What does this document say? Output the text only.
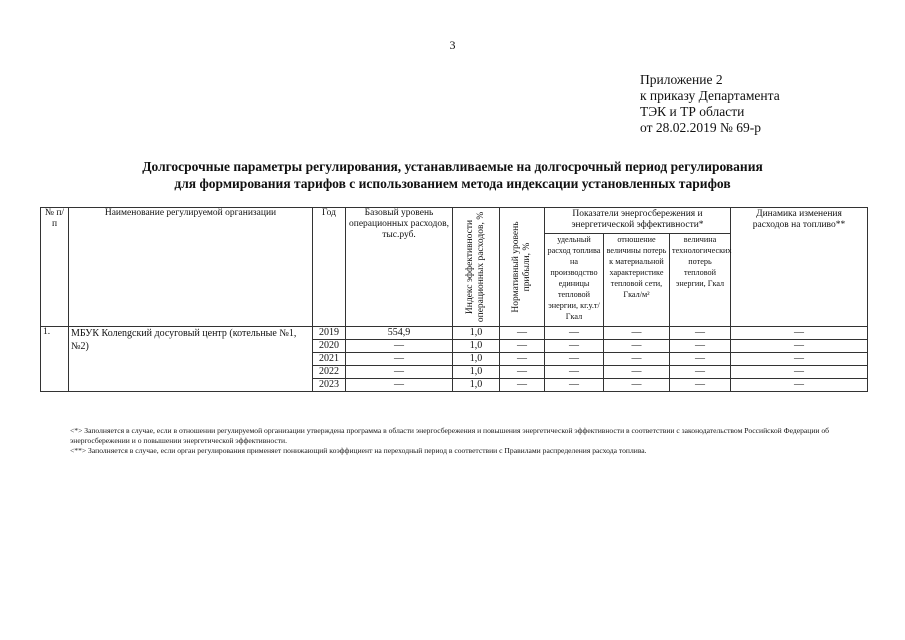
3
Приложение 2
к приказу Департамента
ТЭК и ТР области
от 28.02.2019 № 69-р
Долгосрочные параметры регулирования, устанавливаемые на долгосрочный период регулирования
для формирования тарифов с использованием метода индексации установленных тарифов
№ п/п	Наименование регулируемой организации	Год	Базовый уровень операционных расходов, тыс.руб.	Индекс эффективности операционных расходов, %	Нормативный уровень прибыли, %	Показатели энергосбережения и энергетической эффективности*			Динамика изменения расходов на топливо**
						удельный расход топлива на производство единицы тепловой энергии, кг.у.т/Гкал	отношение величины потерь к материальной характеристике тепловой сети, Гкал/м²	величина технологических потерь тепловой энергии, Гкал	
1.	МБУК Колengский досуговый центр (котельные №1, №2)	2019	554,9	1,0	—	—	—	—	—
		2020	—	1,0	—	—	—	—	—
		2021	—	1,0	—	—	—	—	—
		2022	—	1,0	—	—	—	—	—
		2023	—	1,0	—	—	—	—	—

<*> Заполняется в случае, если в отношении регулируемой организации утверждена программа в области энергосбережения и повышения энергетической эффективности в соответствии с законодательством Российской Федерации об энергосбережении и о повышении энергетической эффективности.

<**> Заполняется в случае, если орган регулирования применяет понижающий коэффициент на переходный период в соответствии с Правилами распределения расхода топлива.
